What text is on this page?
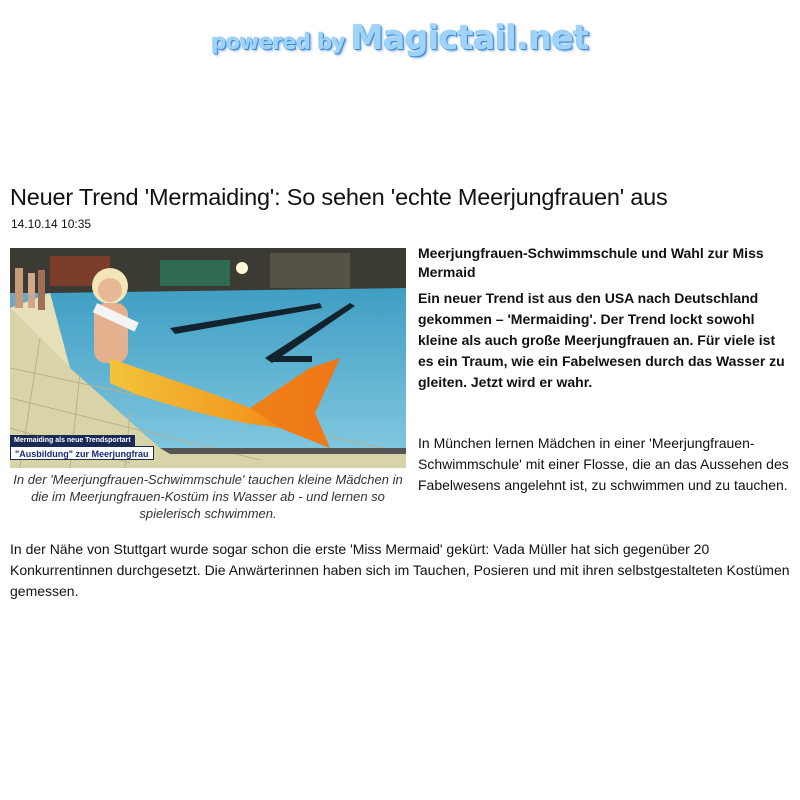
powered by Magictail.net
Neuer Trend 'Mermaiding': So sehen 'echte Meerjungfrauen' aus
14.10.14 10:35
Mermaiding als neue Trendsportart
"Ausbildung" zur Meerjungfrau

In der 'Meerjungfrauen-Schwimmschule' tauchen kleine Mädchen in die im Meerjungfrauen-Kostüm ins Wasser ab - und lernen so spielerisch schwimmen.

Meerjungfrauen-Schwimmschule und Wahl zur Miss Mermaid

Ein neuer Trend ist aus den USA nach Deutschland gekommen – 'Mermaiding'. Der Trend lockt sowohl kleine als auch große Meerjungfrauen an. Für viele ist es ein Traum, wie ein Fabelwesen durch das Wasser zu gleiten. Jetzt wird er wahr.

In München lernen Mädchen in einer 'Meerjungfrauen-Schwimmschule' mit einer Flosse, die an das Aussehen des Fabelwesens angelehnt ist, zu schwimmen und zu tauchen.

In der Nähe von Stuttgart wurde sogar schon die erste 'Miss Mermaid' gekürt: Vada Müller hat sich gegenüber 20 Konkurrentinnen durchgesetzt. Die Anwärterinnen haben sich im Tauchen, Posieren und mit ihren selbstgestalteten Kostümen gemessen.
